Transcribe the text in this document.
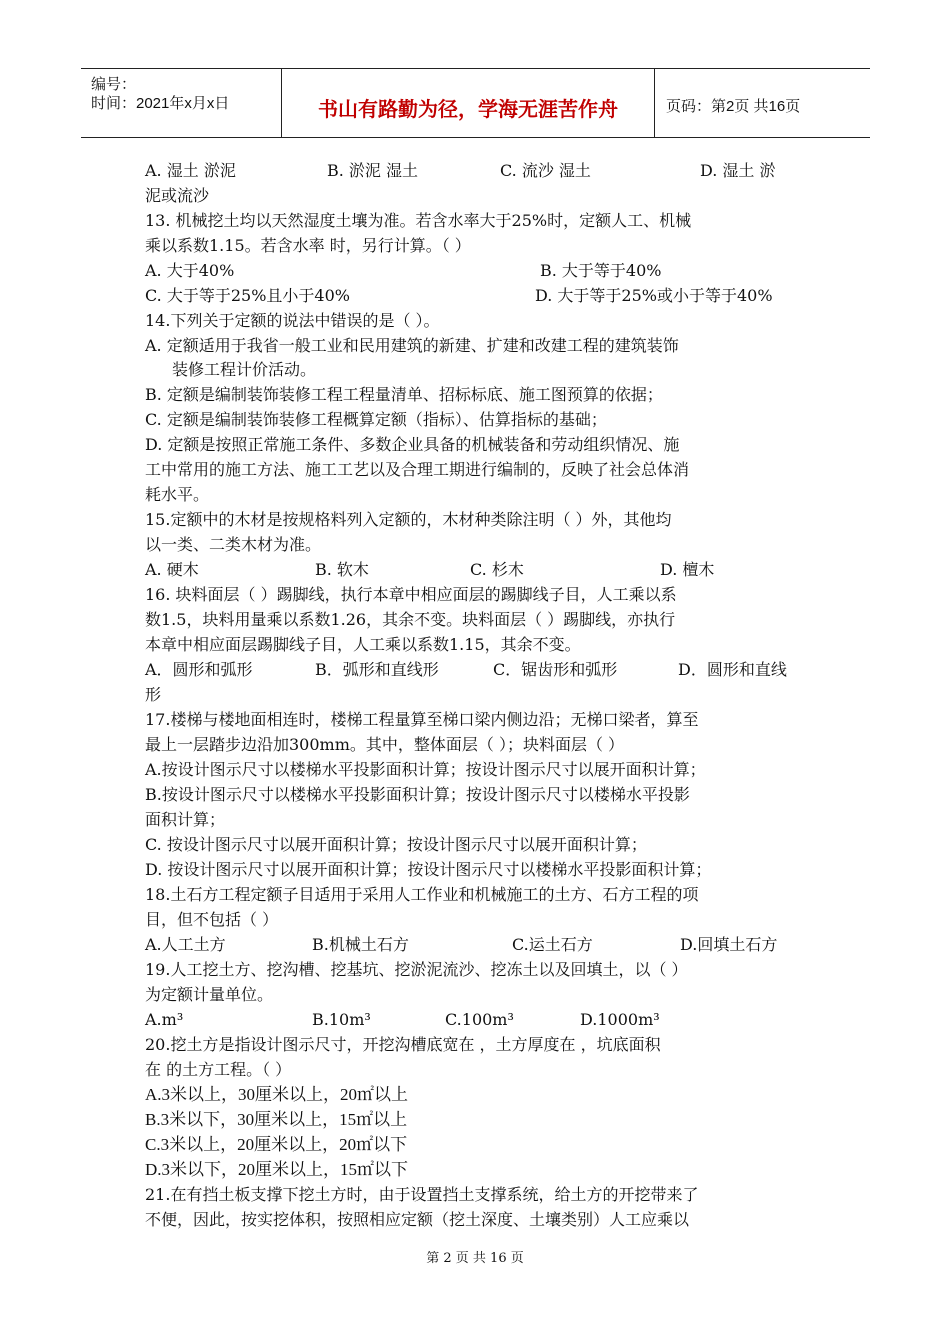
编号：
时间：2021年x月x日	书山有路勤为径，学海无涯苦作舟	页码：第2页 共16页
A. 湿土 淤泥	B. 淤泥 湿土	C. 流沙 湿土	D. 湿土 淤
泥或流沙
13. 机械挖土均以天然湿度土壤为准。若含水率大于25%时，定额人工、机械
乘以系数1.15。若含水率 时，另行计算。（ ）
A. 大于40%	B. 大于等于40%
C. 大于等于25%且小于40%	D. 大于等于25%或小于等于40%
14.下列关于定额的说法中错误的是（ ）。
A. 定额适用于我省一般工业和民用建筑的新建、扩建和改建工程的建筑装饰
装修工程计价活动。
B. 定额是编制装饰装修工程工程量清单、招标标底、施工图预算的依据；
C. 定额是编制装饰装修工程概算定额（指标）、估算指标的基础；
D. 定额是按照正常施工条件、多数企业具备的机械装备和劳动组织情况、施
工中常用的施工方法、施工工艺以及合理工期进行编制的，反映了社会总体消
耗水平。
15.定额中的木材是按规格料列入定额的，木材种类除注明（ ）外，其他均
以一类、二类木材为准。
A. 硬木	B. 软木	C. 杉木	D. 檀木
16. 块料面层（ ）踢脚线，执行本章中相应面层的踢脚线子目，人工乘以系
数1.5，块料用量乘以系数1.26，其余不变。块料面层（ ）踢脚线，亦执行
本章中相应面层踢脚线子目，人工乘以系数1.15，其余不变。
A．圆形和弧形	B．弧形和直线形	C．锯齿形和弧形	D．圆形和直线
形
17.楼梯与楼地面相连时，楼梯工程量算至梯口梁内侧边沿；无梯口梁者，算至
最上一层踏步边沿加300mm。其中，整体面层（ ）；块料面层（ ）
A.按设计图示尺寸以楼梯水平投影面积计算；按设计图示尺寸以展开面积计算；
B.按设计图示尺寸以楼梯水平投影面积计算；按设计图示尺寸以楼梯水平投影
面积计算；
C. 按设计图示尺寸以展开面积计算；按设计图示尺寸以展开面积计算；
D. 按设计图示尺寸以展开面积计算；按设计图示尺寸以楼梯水平投影面积计算；
18.土石方工程定额子目适用于采用人工作业和机械施工的土方、石方工程的项
目，但不包括（ ）
A.人工土方	B.机械土石方	C.运土石方	D.回填土石方
19.人工挖土方、挖沟槽、挖基坑、挖淤泥流沙、挖冻土以及回填土，以（ ）
为定额计量单位。
A.m³	B.10m³	C.100m³	D.1000m³
20.挖土方是指设计图示尺寸，开挖沟槽底宽在 ，土方厚度在 ，坑底面积
在 的土方工程。（ ）
A.3米以上，30厘米以上，20㎡以上
B.3米以下，30厘米以上，15㎡以上
C.3米以上，20厘米以上，20㎡以下
D.3米以下，20厘米以上，15㎡以下
21.在有挡土板支撑下挖土方时，由于设置挡土支撑系统，给土方的开挖带来了
不便，因此，按实挖体积，按照相应定额（挖土深度、土壤类别）人工应乘以
第 2 页 共 16 页
